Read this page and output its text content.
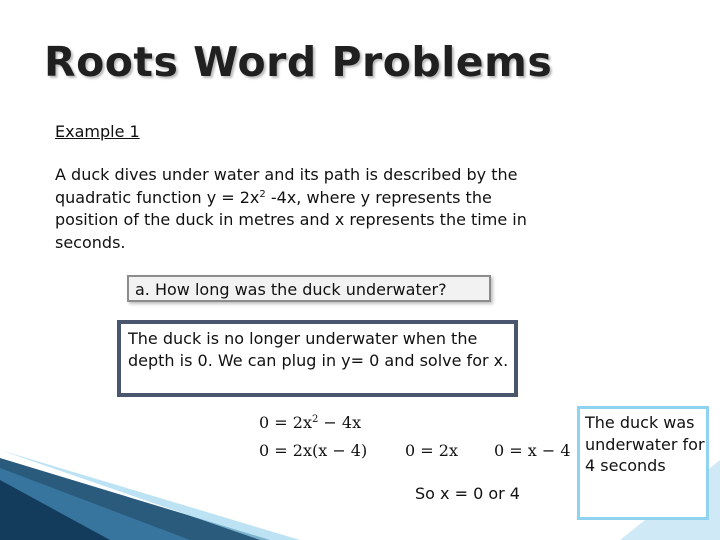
Roots Word Problems
Example 1
A duck dives under water and its path is described by the quadratic function $y = 2x^2$ -4x, where y represents the position of the duck in metres and x represents the time in seconds.
a. How long was the duck underwater?
The duck is no longer underwater when the depth is 0. We can plug in y= 0 and solve for x.
$0 = 2x^2 - 4x$
0 = 2x(x − 4) 0 = 2x 0 = x − 4
So x = 0 or 4
The duck was underwater for 4 seconds
